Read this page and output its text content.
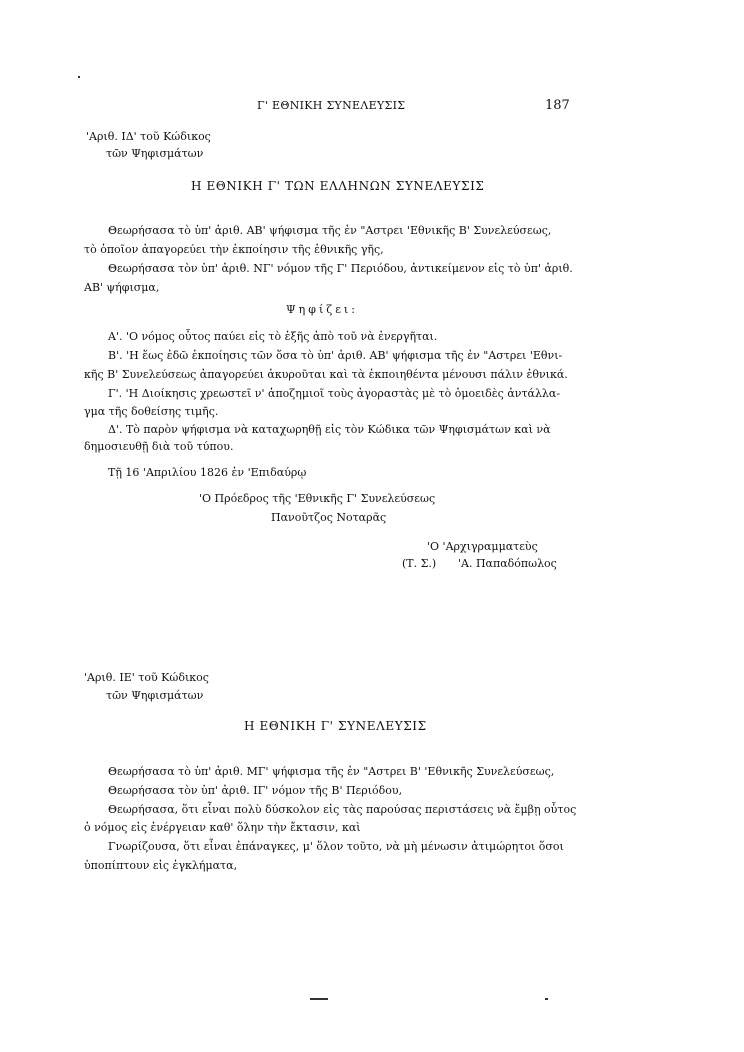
Γ' ΕΘΝΙΚΗ ΣΥΝΕΛΕΥΣΙΣ	187
'Αριθ. ΙΔ' τοῦ Κώδικος
τῶν Ψηφισμάτων
Η ΕΘΝΙΚΗ Γ' ΤΩΝ ΕΛΛΗΝΩΝ ΣΥΝΕΛΕΥΣΙΣ
Θεωρήσασα τὸ ὑπ' ἀριθ. ΑΒ' ψήφισμα τῆς ἐν "Αστρει 'Εθνικῆς Β' Συνελεύσεως,
τὸ ὁποῖον ἀπαγορεύει τὴν ἐκποίησιν τῆς ἐθνικῆς γῆς,
Θεωρήσασα τὸν ὑπ' ἀριθ. ΝΓ' νόμον τῆς Γ' Περιόδου, ἀντικείμενον εἰς τὸ ὑπ' ἀριθ.
ΑΒ' ψήφισμα,
Ψηφίζει:
Α'. 'Ο νόμος οὗτος παύει εἰς τὸ ἑξῆς ἀπὸ τοῦ νὰ ἐνεργῆται.
Β'. 'Η ἕως ἐδῶ ἐκποίησις τῶν ὅσα τὸ ὑπ' ἀριθ. ΑΒ' ψήφισμα τῆς ἐν "Αστρει 'Εθνι-
κῆς Β' Συνελεύσεως ἀπαγορεύει ἀκυροῦται καὶ τὰ ἐκποιηθέντα μένουσι πάλιν ἐθνικά.
Γ'. 'Η Διοίκησις χρεωστεῖ ν' ἀποζημιοῖ τοὺς ἀγοραστὰς μὲ τὸ ὁμοειδὲς ἀντάλλα-
γμα τῆς δοθείσης τιμῆς.
Δ'. Τὸ παρὸν ψήφισμα νὰ καταχωρηθῇ εἰς τὸν Κώδικα τῶν Ψηφισμάτων καὶ νὰ
δημοσιευθῇ διὰ τοῦ τύπου.
Τῇ 16 'Απριλίου 1826 ἐν 'Επιδαύρῳ
'Ο Πρόεδρος τῆς 'Εθνικῆς Γ' Συνελεύσεως
Πανοῦτζος Νοταρᾶς
'Ο 'Αρχιγραμματεὺς
(Τ. Σ.) 'Α. Παπαδόπωλος
'Αριθ. ΙΕ' τοῦ Κώδικος
τῶν Ψηφισμάτων
Η ΕΘΝΙΚΗ Γ' ΣΥΝΕΛΕΥΣΙΣ
Θεωρήσασα τὸ ὑπ' ἀριθ. ΜΓ' ψήφισμα τῆς ἐν "Αστρει Β' 'Εθνικῆς Συνελεύσεως,
Θεωρήσασα τὸν ὑπ' ἀριθ. ΙΓ' νόμον τῆς Β' Περιόδου,
Θεωρήσασα, ὅτι εἶναι πολὺ δύσκολον εἰς τὰς παρούσας περιστάσεις νὰ ἔμβῃ οὗτος
ὁ νόμος εἰς ἐνέργειαν καθ' ὅλην τὴν ἔκτασιν, καὶ
Γνωρίζουσα, ὅτι εἶναι ἐπάναγκες, μ' ὅλον τοῦτο, νὰ μὴ μένωσιν ἀτιμώρητοι ὅσοι
ὑποπίπτουν εἰς ἐγκλήματα,
